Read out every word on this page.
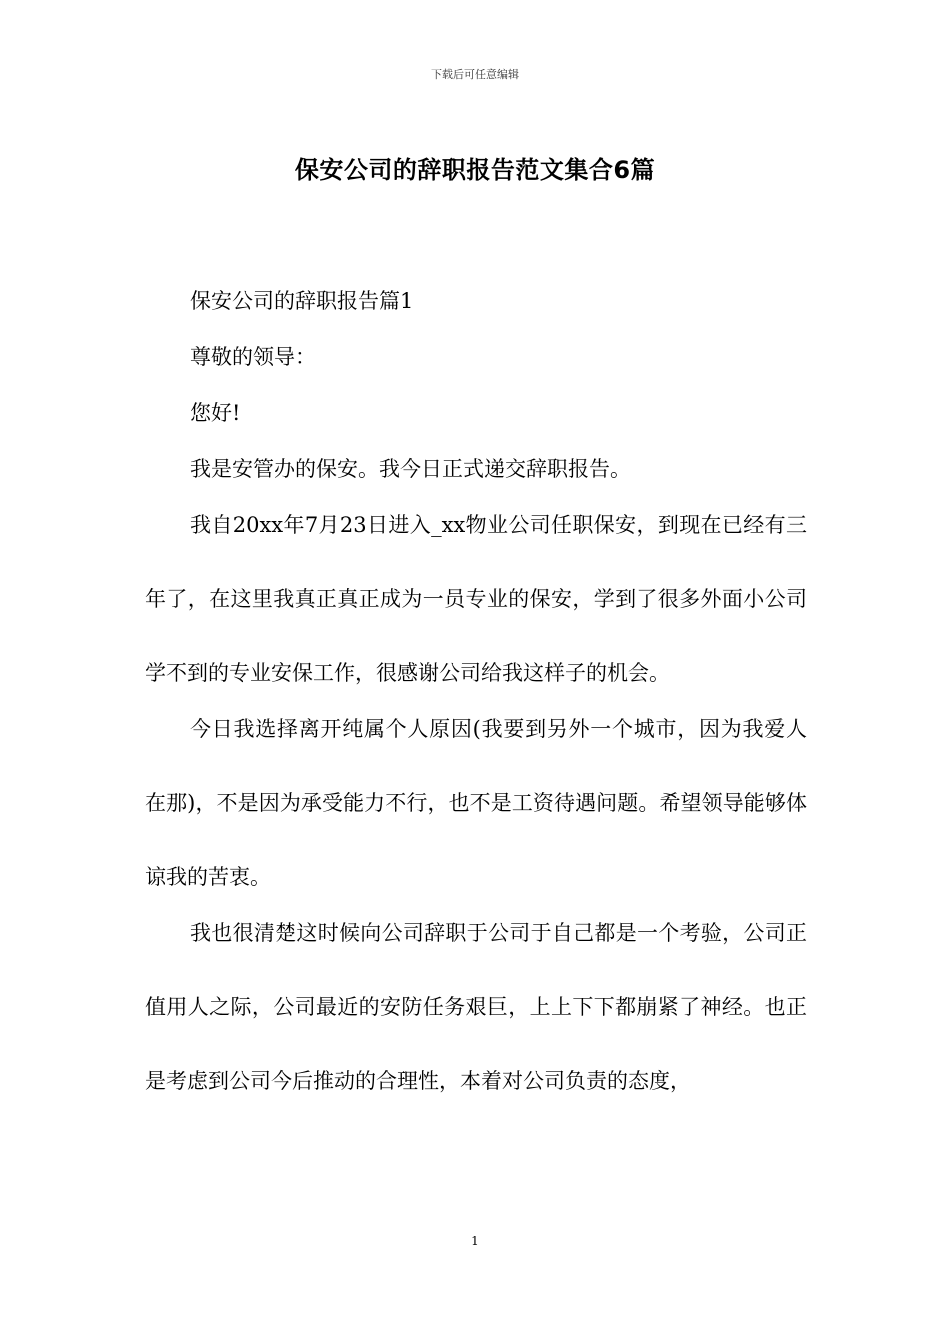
下载后可任意编辑
保安公司的辞职报告范文集合6篇

保安公司的辞职报告篇1

尊敬的领导：

您好!

我是安管办的保安。我今日正式递交辞职报告。

我自20xx年7月23日进入_xx物业公司任职保安，到现在已经有三年了，在这里我真正真正成为一员专业的保安，学到了很多外面小公司学不到的专业安保工作，很感谢公司给我这样子的机会。

今日我选择离开纯属个人原因(我要到另外一个城市，因为我爱人在那)，不是因为承受能力不行，也不是工资待遇问题。希望领导能够体谅我的苦衷。

我也很清楚这时候向公司辞职于公司于自己都是一个考验，公司正值用人之际，公司最近的安防任务艰巨，上上下下都崩紧了神经。也正是考虑到公司今后推动的合理性，本着对公司负责的态度，

1
